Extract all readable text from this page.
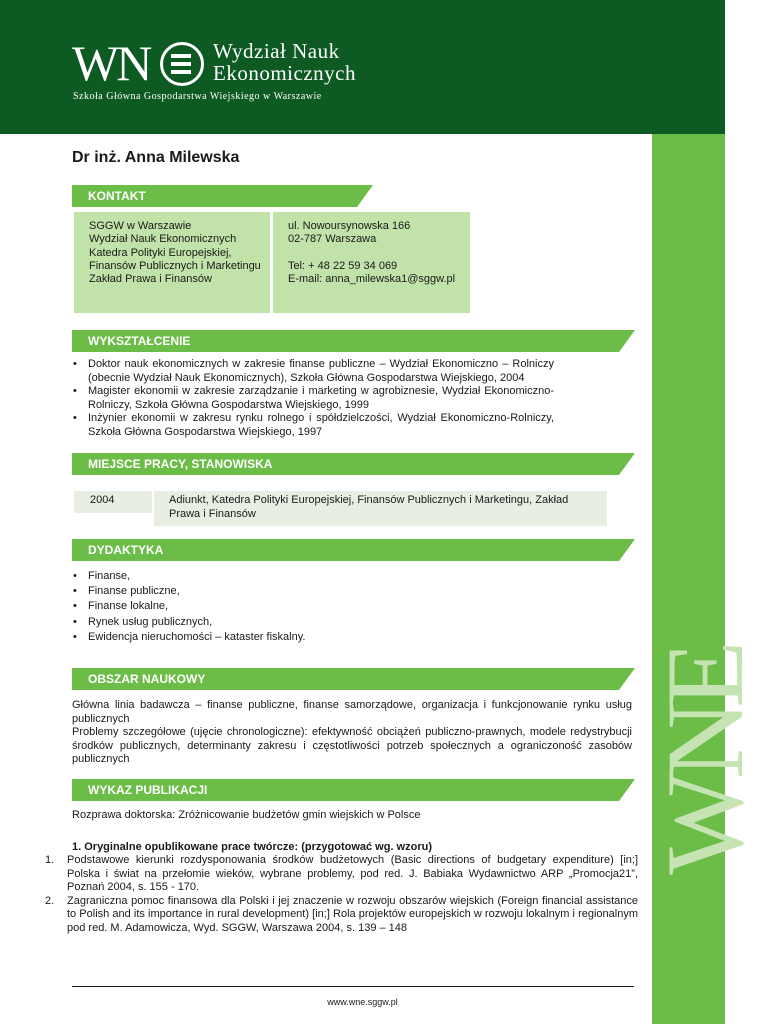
WN	Wydział Nauk
Ekonomicznych
Szkoła Główna Gospodarstwa Wiejskiego w Warszawie
WNE
Dr inż. Anna Milewska
KONTAKT
SGGW w Warszawie
Wydział Nauk Ekonomicznych
Katedra Polityki Europejskiej,
Finansów Publicznych i Marketingu
Zakład Prawa i Finansów
ul. Nowoursynowska 166
02-787 Warszawa

Tel: + 48 22 59 34 069
E-mail: anna_milewska1@sggw.pl
WYKSZTAŁCENIE
• Doktor nauk ekonomicznych w zakresie finanse publiczne – Wydział Ekonomiczno – Rolniczy (obecnie Wydział Nauk Ekonomicznych), Szkoła Główna Gospodarstwa Wiejskiego, 2004
• Magister ekonomii w zakresie zarządzanie i marketing w agrobiznesie, Wydział Ekonomiczno-Rolniczy, Szkoła Główna Gospodarstwa Wiejskiego, 1999
• Inżynier ekonomii w zakresu rynku rolnego i spółdzielczości, Wydział Ekonomiczno-Rolniczy, Szkoła Główna Gospodarstwa Wiejskiego, 1997
MIEJSCE PRACY, STANOWISKA
2004	Adiunkt, Katedra Polityki Europejskiej, Finansów Publicznych i Marketingu, Zakład Prawa i Finansów
DYDAKTYKA
• Finanse,
• Finanse publiczne,
• Finanse lokalne,
• Rynek usług publicznych,
• Ewidencja nieruchomości – kataster fiskalny.
OBSZAR NAUKOWY

Główna linia badawcza – finanse publiczne, finanse samorządowe, organizacja i funkcjonowanie rynku usług publicznych

Problemy szczegółowe (ujęcie chronologiczne): efektywność obciążeń publiczno-prawnych, modele redystrybucji środków publicznych, determinanty zakresu i częstotliwości potrzeb społecznych a ograniczoność zasobów publicznych

WYKAZ PUBLIKACJI
Rozprawa doktorska: Zróżnicowanie budżetów gmin wiejskich w Polsce
1. Oryginalne opublikowane prace twórcze: (przygotować wg. wzoru)
1. Podstawowe kierunki rozdysponowania środków budżetowych (Basic directions of budgetary expenditure) [in;] Polska i świat na przełomie wieków, wybrane problemy, pod red. J. Babiaka Wydawnictwo ARP „Promocja21”, Poznań 2004, s. 155 - 170.
2. Zagraniczna pomoc finansowa dla Polski i jej znaczenie w rozwoju obszarów wiejskich (Foreign financial assistance to Polish and its importance in rural development) [in;] Rola projektów europejskich w rozwoju lokalnym i regionalnym pod red. M. Adamowicza, Wyd. SGGW, Warszawa 2004, s. 139 – 148
www.wne.sggw.pl
